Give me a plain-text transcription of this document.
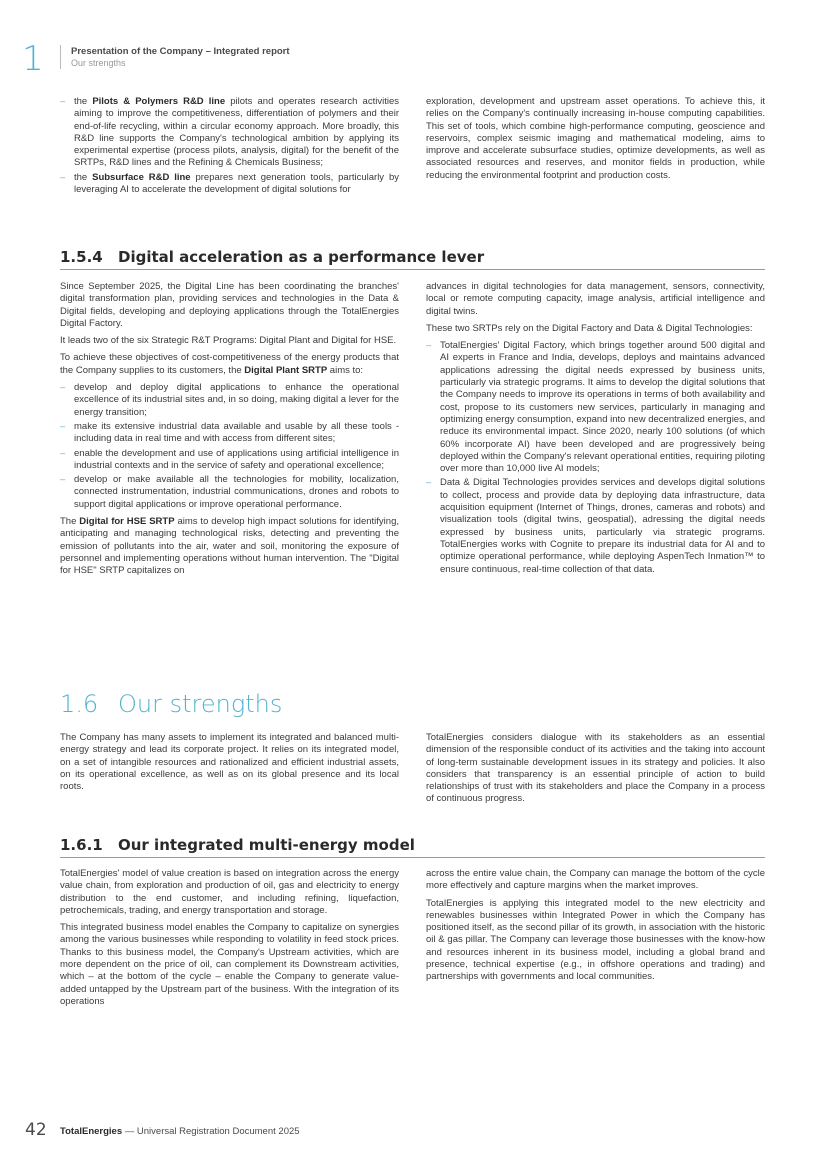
1	Presentation of the Company – Integrated report
Our strengths
– the Pilots & Polymers R&D line pilots and operates research activities aiming to improve the competitiveness, differentiation of polymers and their end-of-life recycling, within a circular economy approach. More broadly, this R&D line supports the Company's technological ambition by applying its experimental expertise (process pilots, analysis, digital) for the benefit of the SRTPs, R&D lines and the Refining & Chemicals Business;
– the Subsurface R&D line prepares next generation tools, particularly by leveraging AI to accelerate the development of digital solutions for

exploration, development and upstream asset operations. To achieve this, it relies on the Company's continually increasing in-house computing capabilities. This set of tools, which combine high-performance computing, geoscience and reservoirs, complex seismic imaging and mathematical modeling, aims to improve and accelerate subsurface studies, optimize developments, as well as associated resources and reserves, and monitor fields in production, while reducing the environmental footprint and production costs.

1.5.4 Digital acceleration as a performance lever

Since September 2025, the Digital Line has been coordinating the branches' digital transformation plan, providing services and technologies in the Data & Digital fields, developing and deploying applications through the TotalEnergies Digital Factory.

It leads two of the six Strategic R&T Programs: Digital Plant and Digital for HSE.

To achieve these objectives of cost-competitiveness of the energy products that the Company supplies to its customers, the Digital Plant SRTP aims to:

– develop and deploy digital applications to enhance the operational excellence of its industrial sites and, in so doing, making digital a lever for the energy transition;
– make its extensive industrial data available and usable by all these tools - including data in real time and with access from different sites;
– enable the development and use of applications using artificial intelligence in industrial contexts and in the service of safety and operational excellence;
– develop or make available all the technologies for mobility, localization, connected instrumentation, industrial communications, drones and robots to support digital applications or improve operational performance.

The Digital for HSE SRTP aims to develop high impact solutions for identifying, anticipating and managing technological risks, detecting and preventing the emission of pollutants into the air, water and soil, monitoring the exposure of personnel and implementing operations without human intervention. The "Digital for HSE" SRTP capitalizes on

advances in digital technologies for data management, sensors, connectivity, local or remote computing capacity, image analysis, artificial intelligence and digital twins.

These two SRTPs rely on the Digital Factory and Data & Digital Technologies:

– TotalEnergies' Digital Factory, which brings together around 500 digital and AI experts in France and India, develops, deploys and maintains advanced applications adressing the digital needs expressed by business units, particularly via strategic programs. It aims to develop the digital solutions that the Company needs to improve its operations in terms of both availability and cost, propose to its customers new services, particularly in managing and optimizing energy consumption, expand into new decentralized energies, and reduce its environmental impact. Since 2020, nearly 100 solutions (of which 60% incorporate AI) have been developed and are progressively being deployed within the Company's relevant operational entities, requiring piloting over more than 10,000 live AI models;
– Data & Digital Technologies provides services and develops digital solutions to collect, process and provide data by deploying data infrastructure, data acquisition equipment (Internet of Things, drones, cameras and robots) and visualization tools (digital twins, geospatial), adressing the digital needs expressed by business units, particularly via strategic programs. TotalEnergies works with Cognite to prepare its industrial data for AI and to optimize operational performance, while deploying AspenTech Inmation™ to ensure continuous, real-time collection of that data.
1.6 Our strengths

The Company has many assets to implement its integrated and balanced multi-energy strategy and lead its corporate project. It relies on its integrated model, on a set of intangible resources and rationalized and efficient industrial assets, on its operational excellence, as well as on its global presence and its local roots.

TotalEnergies considers dialogue with its stakeholders as an essential dimension of the responsible conduct of its activities and the taking into account of long-term sustainable development issues in its strategy and policies. It also considers that transparency is an essential principle of action to build relationships of trust with its stakeholders and place the Company in a process of continuous progress.

1.6.1 Our integrated multi-energy model

TotalEnergies' model of value creation is based on integration across the energy value chain, from exploration and production of oil, gas and electricity to energy distribution to the end customer, and including refining, liquefaction, petrochemicals, trading, and energy transportation and storage.

This integrated business model enables the Company to capitalize on synergies among the various businesses while responding to volatility in feed stock prices. Thanks to this business model, the Company's Upstream activities, which are more dependent on the price of oil, can complement its Downstream activities, which – at the bottom of the cycle – enable the Company to generate value-added untapped by the Upstream part of the business. With the integration of its operations

across the entire value chain, the Company can manage the bottom of the cycle more effectively and capture margins when the market improves.

TotalEnergies is applying this integrated model to the new electricity and renewables businesses within Integrated Power in which the Company has positioned itself, as the second pillar of its growth, in association with the historic oil & gas pillar. The Company can leverage those businesses with the know-how and resources inherent in its business model, including a global brand and presence, technical expertise (e.g., in offshore operations and trading) and partnerships with governments and local communities.

42 TotalEnergies — Universal Registration Document 2025
